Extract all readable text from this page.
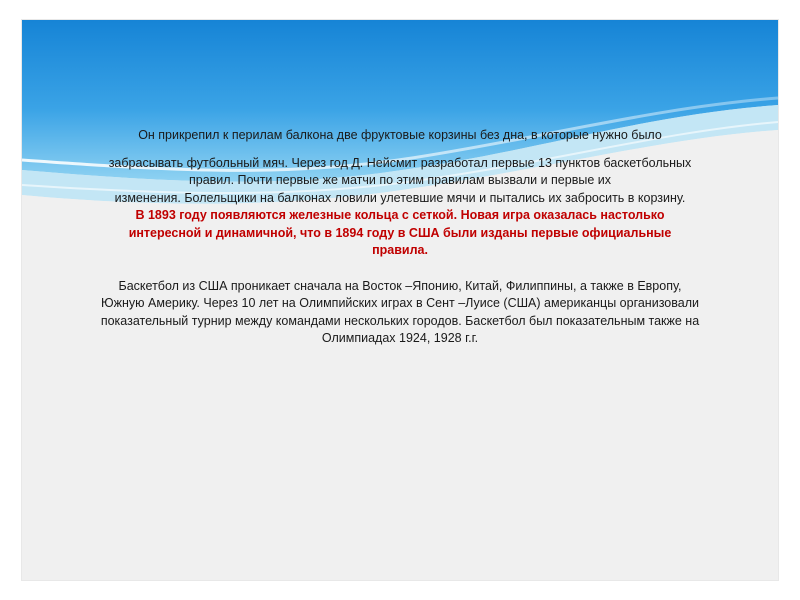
Он прикрепил к перилам балкона две фруктовые корзины без дна, в которые нужно было
забрасывать футбольный мяч. Через год Д. Нейсмит разработал первые 13 пунктов баскетбольных
правил. Почти первые же матчи по этим правилам вызвали и первые их
изменения. Болельщики на балконах ловили улетевшие мячи и пытались их забросить в корзину.

В 1893 году появляются железные кольца с сеткой. Новая игра оказалась настолько
интересной и динамичной, что в 1894 году в США были изданы первые официальные
правила.

Баскетбол из США проникает сначала на Восток –Японию, Китай, Филиппины, а также в Европу,
Южную Америку. Через 10 лет на Олимпийских играх в Сент –Луисе (США) американцы организовали
показательный турнир между командами нескольких городов. Баскетбол был показательным также на
Олимпиадах 1924, 1928 г.г.
